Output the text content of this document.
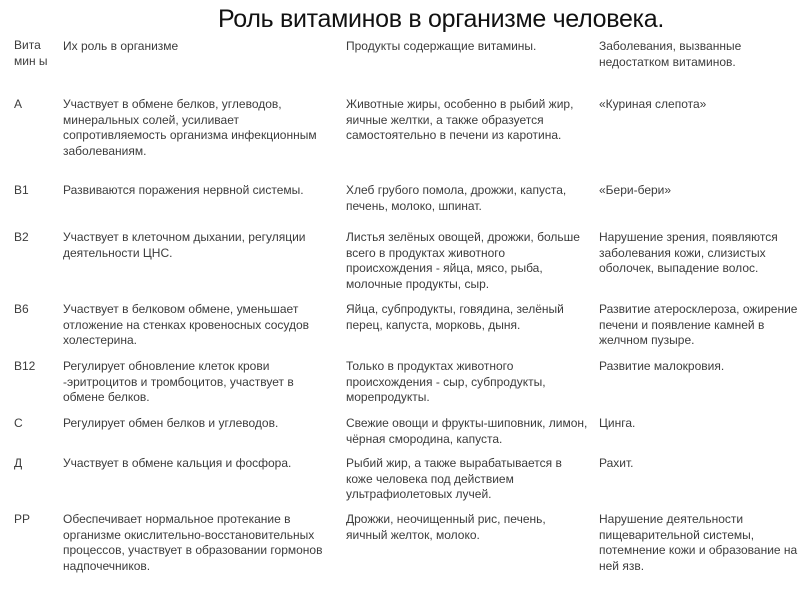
Роль витаминов в организме человека.
Вита мин ы	Их роль в организме	Продукты содержащие витамины.	Заболевания, вызванные недостатком витаминов.
А	Участвует в обмене белков, углеводов, минеральных солей, усиливает сопротивляемость организма инфекционным заболеваниям.	Животные жиры, особенно в рыбий жир, яичные желтки, а также образуется самостоятельно в печени из каротина.	«Куриная слепота»
В1	Развиваются поражения нервной системы.	Хлеб грубого помола, дрожжи, капуста, печень, молоко, шпинат.	«Бери-бери»
В2	Участвует в клеточном дыхании, регуляции деятельности ЦНС.	Листья зелёных овощей, дрожжи, больше всего в продуктах животного происхождения - яйца, мясо, рыба, молочные продукты, сыр.	Нарушение зрения, появляются заболевания кожи, слизистых оболочек, выпадение волос.
В6	Участвует в белковом обмене, уменьшает отложение на стенках кровеносных сосудов холестерина.	Яйца, субпродукты, говядина, зелёный перец, капуста, морковь, дыня.	Развитие атеросклероза, ожирение печени и появление камней в желчном пузыре.
В12	Регулирует обновление клеток крови -эритроцитов и тромбоцитов, участвует в обмене белков.	Только в продуктах животного происхождения - сыр, субпродукты, морепродукты.	Развитие малокровия.
С	Регулирует обмен белков и углеводов.	Свежие овощи и фрукты-шиповник, лимон, чёрная смородина, капуста.	Цинга.
Д	Участвует в обмене кальция и фосфора.	Рыбий жир, а также вырабатывается в коже человека под действием ультрафиолетовых лучей.	Рахит.
РР	Обеспечивает нормальное протекание в организме окислительно-восстановительных процессов, участвует в образовании гормонов надпочечников.	Дрожжи, неочищенный рис, печень, яичный желток, молоко.	Нарушение деятельности пищеварительной системы, потемнение кожи и образование на ней язв.
